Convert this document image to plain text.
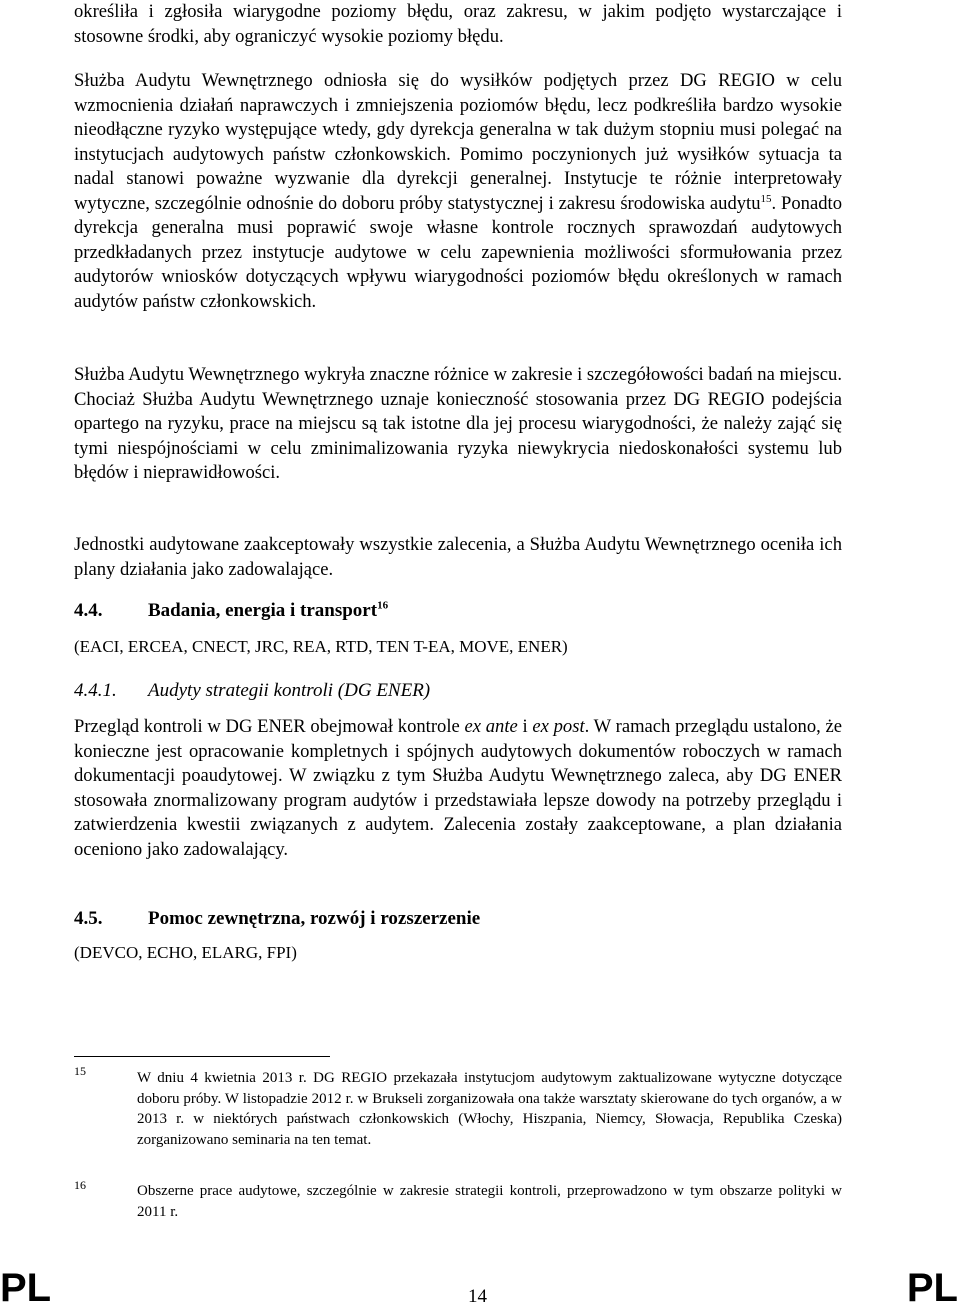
określiła i zgłosiła wiarygodne poziomy błędu, oraz zakresu, w jakim podjęto wystarczające i stosowne środki, aby ograniczyć wysokie poziomy błędu.

Służba Audytu Wewnętrznego odniosła się do wysiłków podjętych przez DG REGIO w celu wzmocnienia działań naprawczych i zmniejszenia poziomów błędu, lecz podkreśliła bardzo wysokie nieodłączne ryzyko występujące wtedy, gdy dyrekcja generalna w tak dużym stopniu musi polegać na instytucjach audytowych państw członkowskich. Pomimo poczynionych już wysiłków sytuacja ta nadal stanowi poważne wyzwanie dla dyrekcji generalnej. Instytucje te różnie interpretowały wytyczne, szczególnie odnośnie do doboru próby statystycznej i zakresu środowiska audytu$^{15}$. Ponadto dyrekcja generalna musi poprawić swoje własne kontrole rocznych sprawozdań audytowych przedkładanych przez instytucje audytowe w celu zapewnienia możliwości sformułowania przez audytorów wniosków dotyczących wpływu wiarygodności poziomów błędu określonych w ramach audytów państw członkowskich.

Służba Audytu Wewnętrznego wykryła znaczne różnice w zakresie i szczegółowości badań na miejscu. Chociaż Służba Audytu Wewnętrznego uznaje konieczność stosowania przez DG REGIO podejścia opartego na ryzyku, prace na miejscu są tak istotne dla jej procesu wiarygodności, że należy zająć się tymi niespójnościami w celu zminimalizowania ryzyka niewykrycia niedoskonałości systemu lub błędów i nieprawidłowości.

Jednostki audytowane zaakceptowały wszystkie zalecenia, a Służba Audytu Wewnętrznego oceniła ich plany działania jako zadowalające.

4.4. Badania, energia i transport$^{16}$
(EACI, ERCEA, CNECT, JRC, REA, RTD, TEN T-EA, MOVE, ENER)
4.4.1. Audyty strategii kontroli (DG ENER)

Przegląd kontroli w DG ENER obejmował kontrole ex ante i ex post. W ramach przeglądu ustalono, że konieczne jest opracowanie kompletnych i spójnych audytowych dokumentów roboczych w ramach dokumentacji poaudytowej. W związku z tym Służba Audytu Wewnętrznego zaleca, aby DG ENER stosowała znormalizowany program audytów i przedstawiała lepsze dowody na potrzeby przeglądu i zatwierdzenia kwestii związanych z audytem. Zalecenia zostały zaakceptowane, a plan działania oceniono jako zadowalający.

4.5. Pomoc zewnętrzna, rozwój i rozszerzenie
(DEVCO, ECHO, ELARG, FPI)
15	W dniu 4 kwietnia 2013 r. DG REGIO przekazała instytucjom audytowym zaktualizowane wytyczne dotyczące doboru próby. W listopadzie 2012 r. w Brukseli zorganizowała ona także warsztaty skierowane do tych organów, a w 2013 r. w niektórych państwach członkowskich (Włochy, Hiszpania, Niemcy, Słowacja, Republika Czeska) zorganizowano seminaria na ten temat.
16	Obszerne prace audytowe, szczególnie w zakresie strategii kontroli, przeprowadzono w tym obszarze polityki w 2011 r.
PL	14	PL
